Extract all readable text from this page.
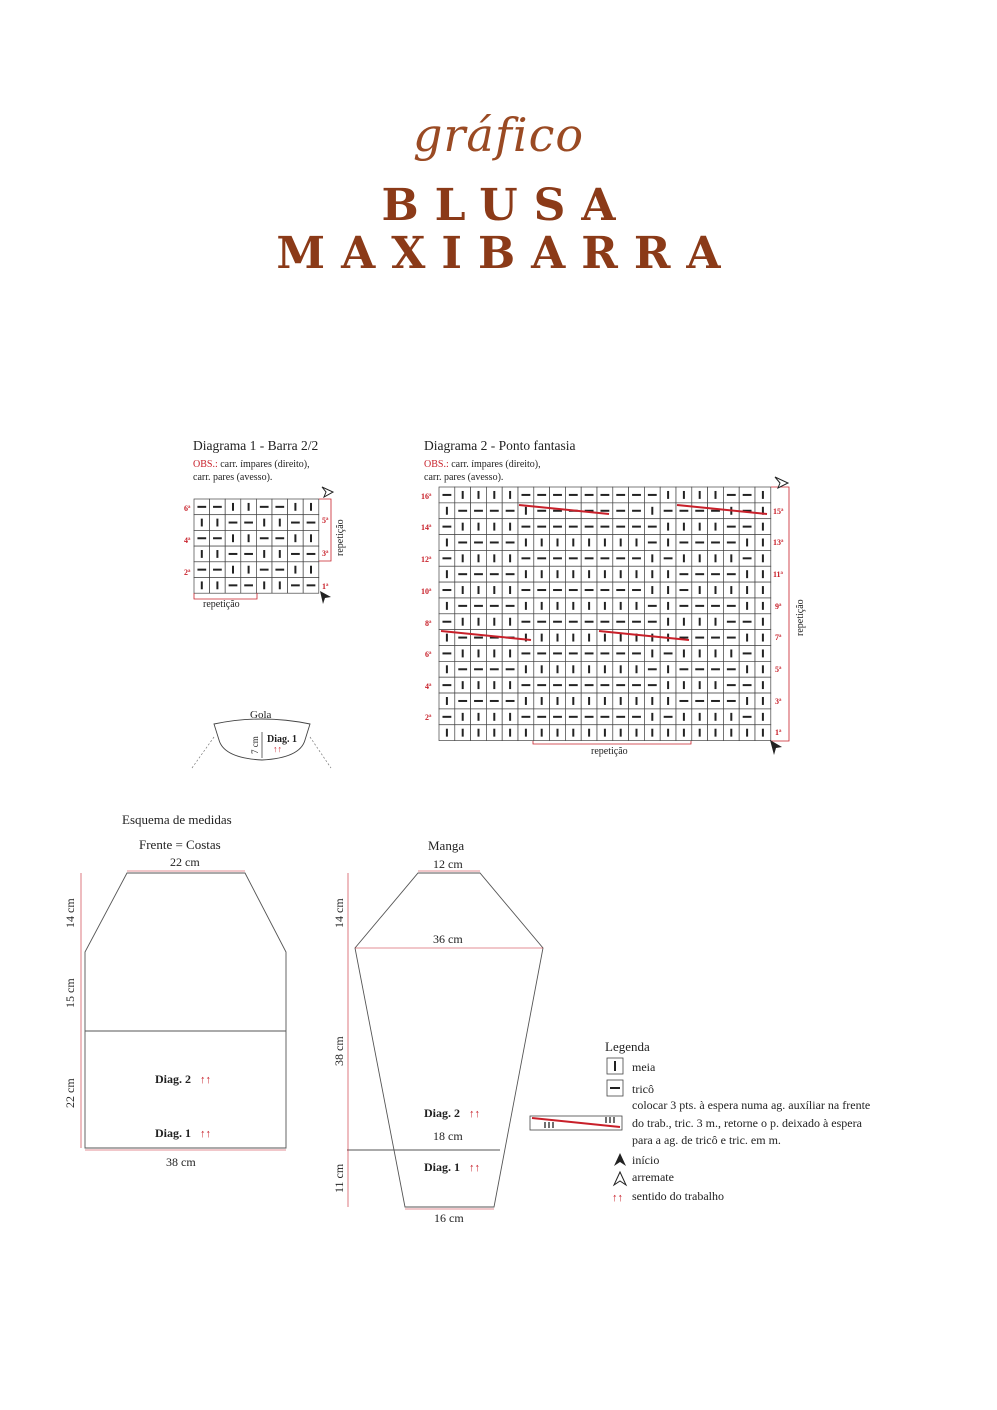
gráfico
BLUSA
MAXIBARRA
Diagrama 1 - Barra 2/2
OBS.: carr. ímpares (direito),
carr. pares (avesso).
Diagrama 2 - Ponto fantasia
OBS.: carr. ímpares (direito),
carr. pares (avesso).
6ª
4ª
2ª
5ª
3ª
1ª
repetição
repetição
16ª
14ª
12ª
10ª
8ª
6ª
4ª
2ª
15ª
13ª
11ª
9ª
7ª
5ª
3ª
1ª
repetição
repetição
Gola
7 cm Diag. 1
↑↑
Esquema de medidas
Frente = Costas
22 cm
38 cm
14 cm
15 cm
22 cm	Diag. 2 ↑↑
Diag. 1 ↑↑
Manga
12 cm
36 cm
18 cm
16 cm
14 cm
38 cm
11 cm
Diag. 2 ↑↑
Diag. 1 ↑↑
Legenda
meia
tricô
colocar 3 pts. à espera numa ag. auxíliar na frente
do trab., tric. 3 m., retorne o p. deixado à espera
para a ag. de tricô e tric. em m.
início
arremate
↑↑ sentido do trabalho
